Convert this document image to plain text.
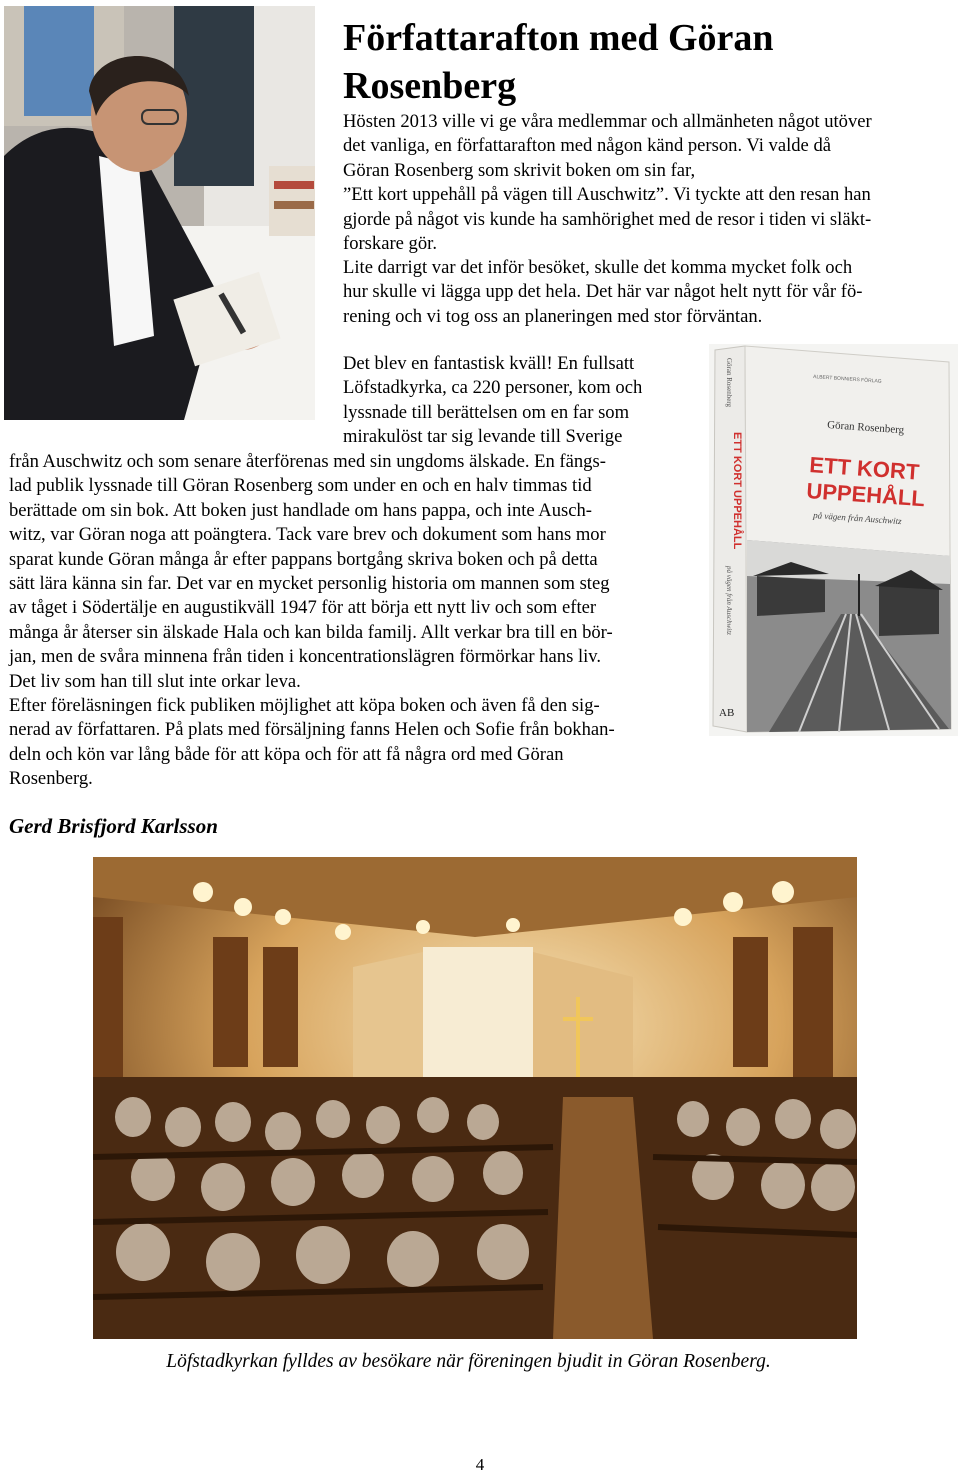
Författarafton med Göran Rosenberg

Hösten 2013 ville vi ge våra medlemmar och allmänheten något utöver
det vanliga, en författarafton med någon känd person. Vi valde då
Göran Rosenberg som skrivit boken om sin far,
”Ett kort uppehåll på vägen till Auschwitz”. Vi tyckte att den resan han
gjorde på något vis kunde ha samhörighet med de resor i tiden vi släkt-
forskare gör.

Lite darrigt var det inför besöket, skulle det komma mycket folk och
hur skulle vi lägga upp det hela. Det här var något helt nytt för vår fö-
rening och vi tog oss an planeringen med stor förväntan.

Det blev en fantastisk kväll! En fullsatt
Löfstadkyrka, ca 220 personer, kom och
lyssnade till berättelsen om en far som
mirakulöst tar sig levande till Sverige

Göran Rosenberg
ETT KORT UPPEHÅLL
på vägen från Auschwitz
AB
ALBERT BONNIERS FÖRLAG
Göran Rosenberg
ETT KORT
UPPEHÅLL
på vägen från Auschwitz

från Auschwitz och som senare återförenas med sin ungdoms älskade. En fängs-
lad publik lyssnade till Göran Rosenberg som under en och en halv timmas tid
berättade om sin bok. Att boken just handlade om hans pappa, och inte Ausch-
witz, var Göran noga att poängtera. Tack vare brev och dokument som hans mor
sparat kunde Göran många år efter pappans bortgång skriva boken och på detta
sätt lära känna sin far. Det var en mycket personlig historia om mannen som steg
av tåget i Södertälje en augustikväll 1947 för att börja ett nytt liv och som efter
många år återser sin älskade Hala och kan bilda familj. Allt verkar bra till en bör-
jan, men de svåra minnena från tiden i koncentrationslägren förmörkar hans liv.
Det liv som han till slut inte orkar leva.
Efter föreläsningen fick publiken möjlighet att köpa boken och även få den sig-
nerad av författaren. På plats med försäljning fanns Helen och Sofie från bokhan-
deln och kön var lång både för att köpa och för att få några ord med Göran
Rosenberg.

Gerd Brisfjord Karlsson

Löfstadkyrkan fylldes av besökare när föreningen bjudit in Göran Rosenberg.

4
